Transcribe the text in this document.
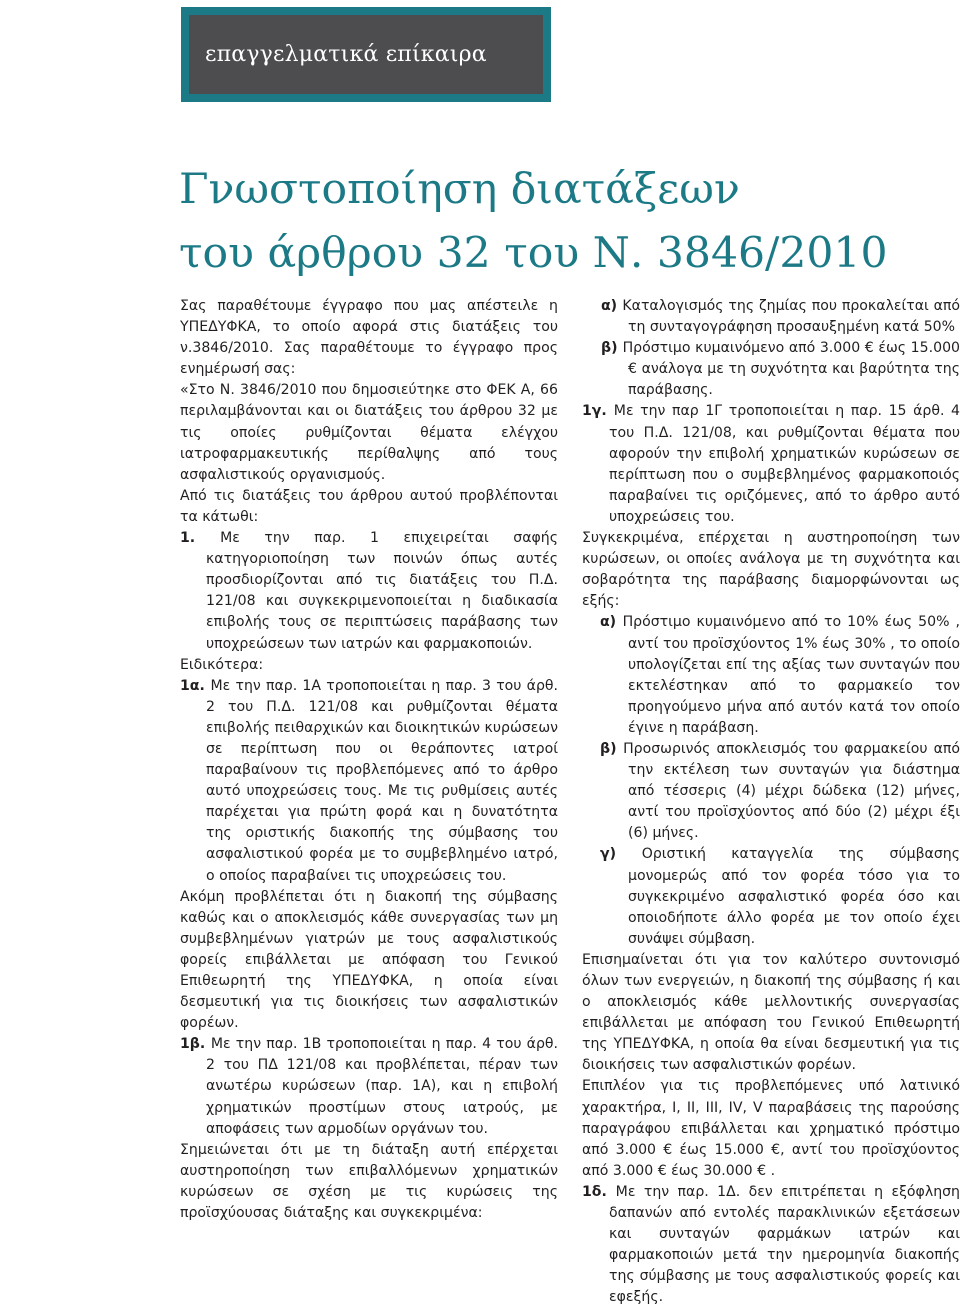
επαγγελματικά επίκαιρα
Γνωστοποίηση διατάξεων
του άρθρου 32 του Ν. 3846/2010

Σας παραθέτουμε έγγραφο που μας απέστειλε η ΥΠΕΔΥΦΚΑ, το οποίο αφορά στις διατάξεις του ν.3846/2010. Σας παραθέτουμε το έγγραφο προς ενημέρωσή σας:

«Στο Ν. 3846/2010 που δημοσιεύτηκε στο ΦΕΚ Α, 66 περιλαμβάνονται και οι διατάξεις του άρθρου 32 με τις οποίες ρυθμίζονται θέματα ελέγχου ιατροφαρμακευτικής περίθαλψης από τους ασφαλιστικούς οργανισμούς.

Από τις διατάξεις του άρθρου αυτού προβλέπονται τα κάτωθι:

1. Με την παρ. 1 επιχειρείται σαφής κατηγοριοποίηση των ποινών όπως αυτές προσδιορίζονται από τις διατάξεις του Π.Δ. 121/08 και συγκεκριμενοποιείται η διαδικασία επιβολής τους σε περιπτώσεις παράβασης των υποχρεώσεων των ιατρών και φαρμακοποιών.

Ειδικότερα:

1α. Με την παρ. 1Α τροποποιείται η παρ. 3 του άρθ. 2 του Π.Δ. 121/08 και ρυθμίζονται θέματα επιβολής πειθαρχικών και διοικητικών κυρώσεων σε περίπτωση που οι θεράποντες ιατροί παραβαίνουν τις προβλεπόμενες από το άρθρο αυτό υποχρεώσεις τους. Με τις ρυθμίσεις αυτές παρέχεται για πρώτη φορά και η δυνατότητα της οριστικής διακοπής της σύμβασης του ασφαλιστικού φορέα με το συμβεβλημένο ιατρό, ο οποίος παραβαίνει τις υποχρεώσεις του.

Ακόμη προβλέπεται ότι η διακοπή της σύμβασης καθώς και ο αποκλεισμός κάθε συνεργασίας των μη συμβεβλημένων γιατρών με τους ασφαλιστικούς φορείς επιβάλλεται με απόφαση του Γενικού Επιθεωρητή της ΥΠΕΔΥΦΚΑ, η οποία είναι δεσμευτική για τις διοικήσεις των ασφαλιστικών φορέων.

1β. Με την παρ. 1Β τροποποιείται η παρ. 4 του άρθ. 2 του ΠΔ 121/08 και προβλέπεται, πέραν των ανωτέρω κυρώσεων (παρ. 1Α), και η επιβολή χρηματικών προστίμων στους ιατρούς, με αποφάσεις των αρμοδίων οργάνων του.

Σημειώνεται ότι με τη διάταξη αυτή επέρχεται αυστηροποίηση των επιβαλλόμενων χρηματικών κυρώσεων σε σχέση με τις κυρώσεις της προϊσχύουσας διάταξης και συγκεκριμένα:

α) Καταλογισμός της ζημίας που προκαλείται από τη συνταγογράφηση προσαυξημένη κατά 50%

β) Πρόστιμο κυμαινόμενο από 3.000 € έως 15.000 € ανάλογα με τη συχνότητα και βαρύτητα της παράβασης.

1γ. Με την παρ 1Γ τροποποιείται η παρ. 15 άρθ. 4 του Π.Δ. 121/08, και ρυθμίζονται θέματα που αφορούν την επιβολή χρηματικών κυρώσεων σε περίπτωση που ο συμβεβλημένος φαρμακοποιός παραβαίνει τις οριζόμενες, από το άρθρο αυτό υποχρεώσεις του.

Συγκεκριμένα, επέρχεται η αυστηροποίηση των κυρώσεων, οι οποίες ανάλογα με τη συχνότητα και σοβαρότητα της παράβασης διαμορφώνονται ως εξής:

α) Πρόστιμο κυμαινόμενο από το 10% έως 50% , αντί του προϊσχύοντος 1% έως 30% , το οποίο υπολογίζεται επί της αξίας των συνταγών που εκτελέστηκαν από το φαρμακείο τον προηγούμενο μήνα από αυτόν κατά τον οποίο έγινε η παράβαση.

β) Προσωρινός αποκλεισμός του φαρμακείου από την εκτέλεση των συνταγών για διάστημα από τέσσερις (4) μέχρι δώδεκα (12) μήνες, αντί του προϊσχύοντος από δύο (2) μέχρι έξι (6) μήνες.

γ) Οριστική καταγγελία της σύμβασης μονομερώς από τον φορέα τόσο για το συγκεκριμένο ασφαλιστικό φορέα όσο και οποιοδήποτε άλλο φορέα με τον οποίο έχει συνάψει σύμβαση.

Επισημαίνεται ότι για τον καλύτερο συντονισμό όλων των ενεργειών, η διακοπή της σύμβασης ή και ο αποκλεισμός κάθε μελλοντικής συνεργασίας επιβάλλεται με απόφαση του Γενικού Επιθεωρητή της ΥΠΕΔΥΦΚΑ, η οποία θα είναι δεσμευτική για τις διοικήσεις των ασφαλιστικών φορέων.

Επιπλέον για τις προβλεπόμενες υπό λατινικό χαρακτήρα, I, II, III, IV, V παραβάσεις της παρούσης παραγράφου επιβάλλεται και χρηματικό πρόστιμο από 3.000 € έως 15.000 €, αντί του προϊσχύοντος από 3.000 € έως 30.000 € .

1δ. Με την παρ. 1Δ. δεν επιτρέπεται η εξόφληση δαπανών από εντολές παρακλινικών εξετάσεων και συνταγών φαρμάκων ιατρών και φαρμακοποιών μετά την ημερομηνία διακοπής της σύμβασης με τους ασφαλιστικούς φορείς και εφεξής.
